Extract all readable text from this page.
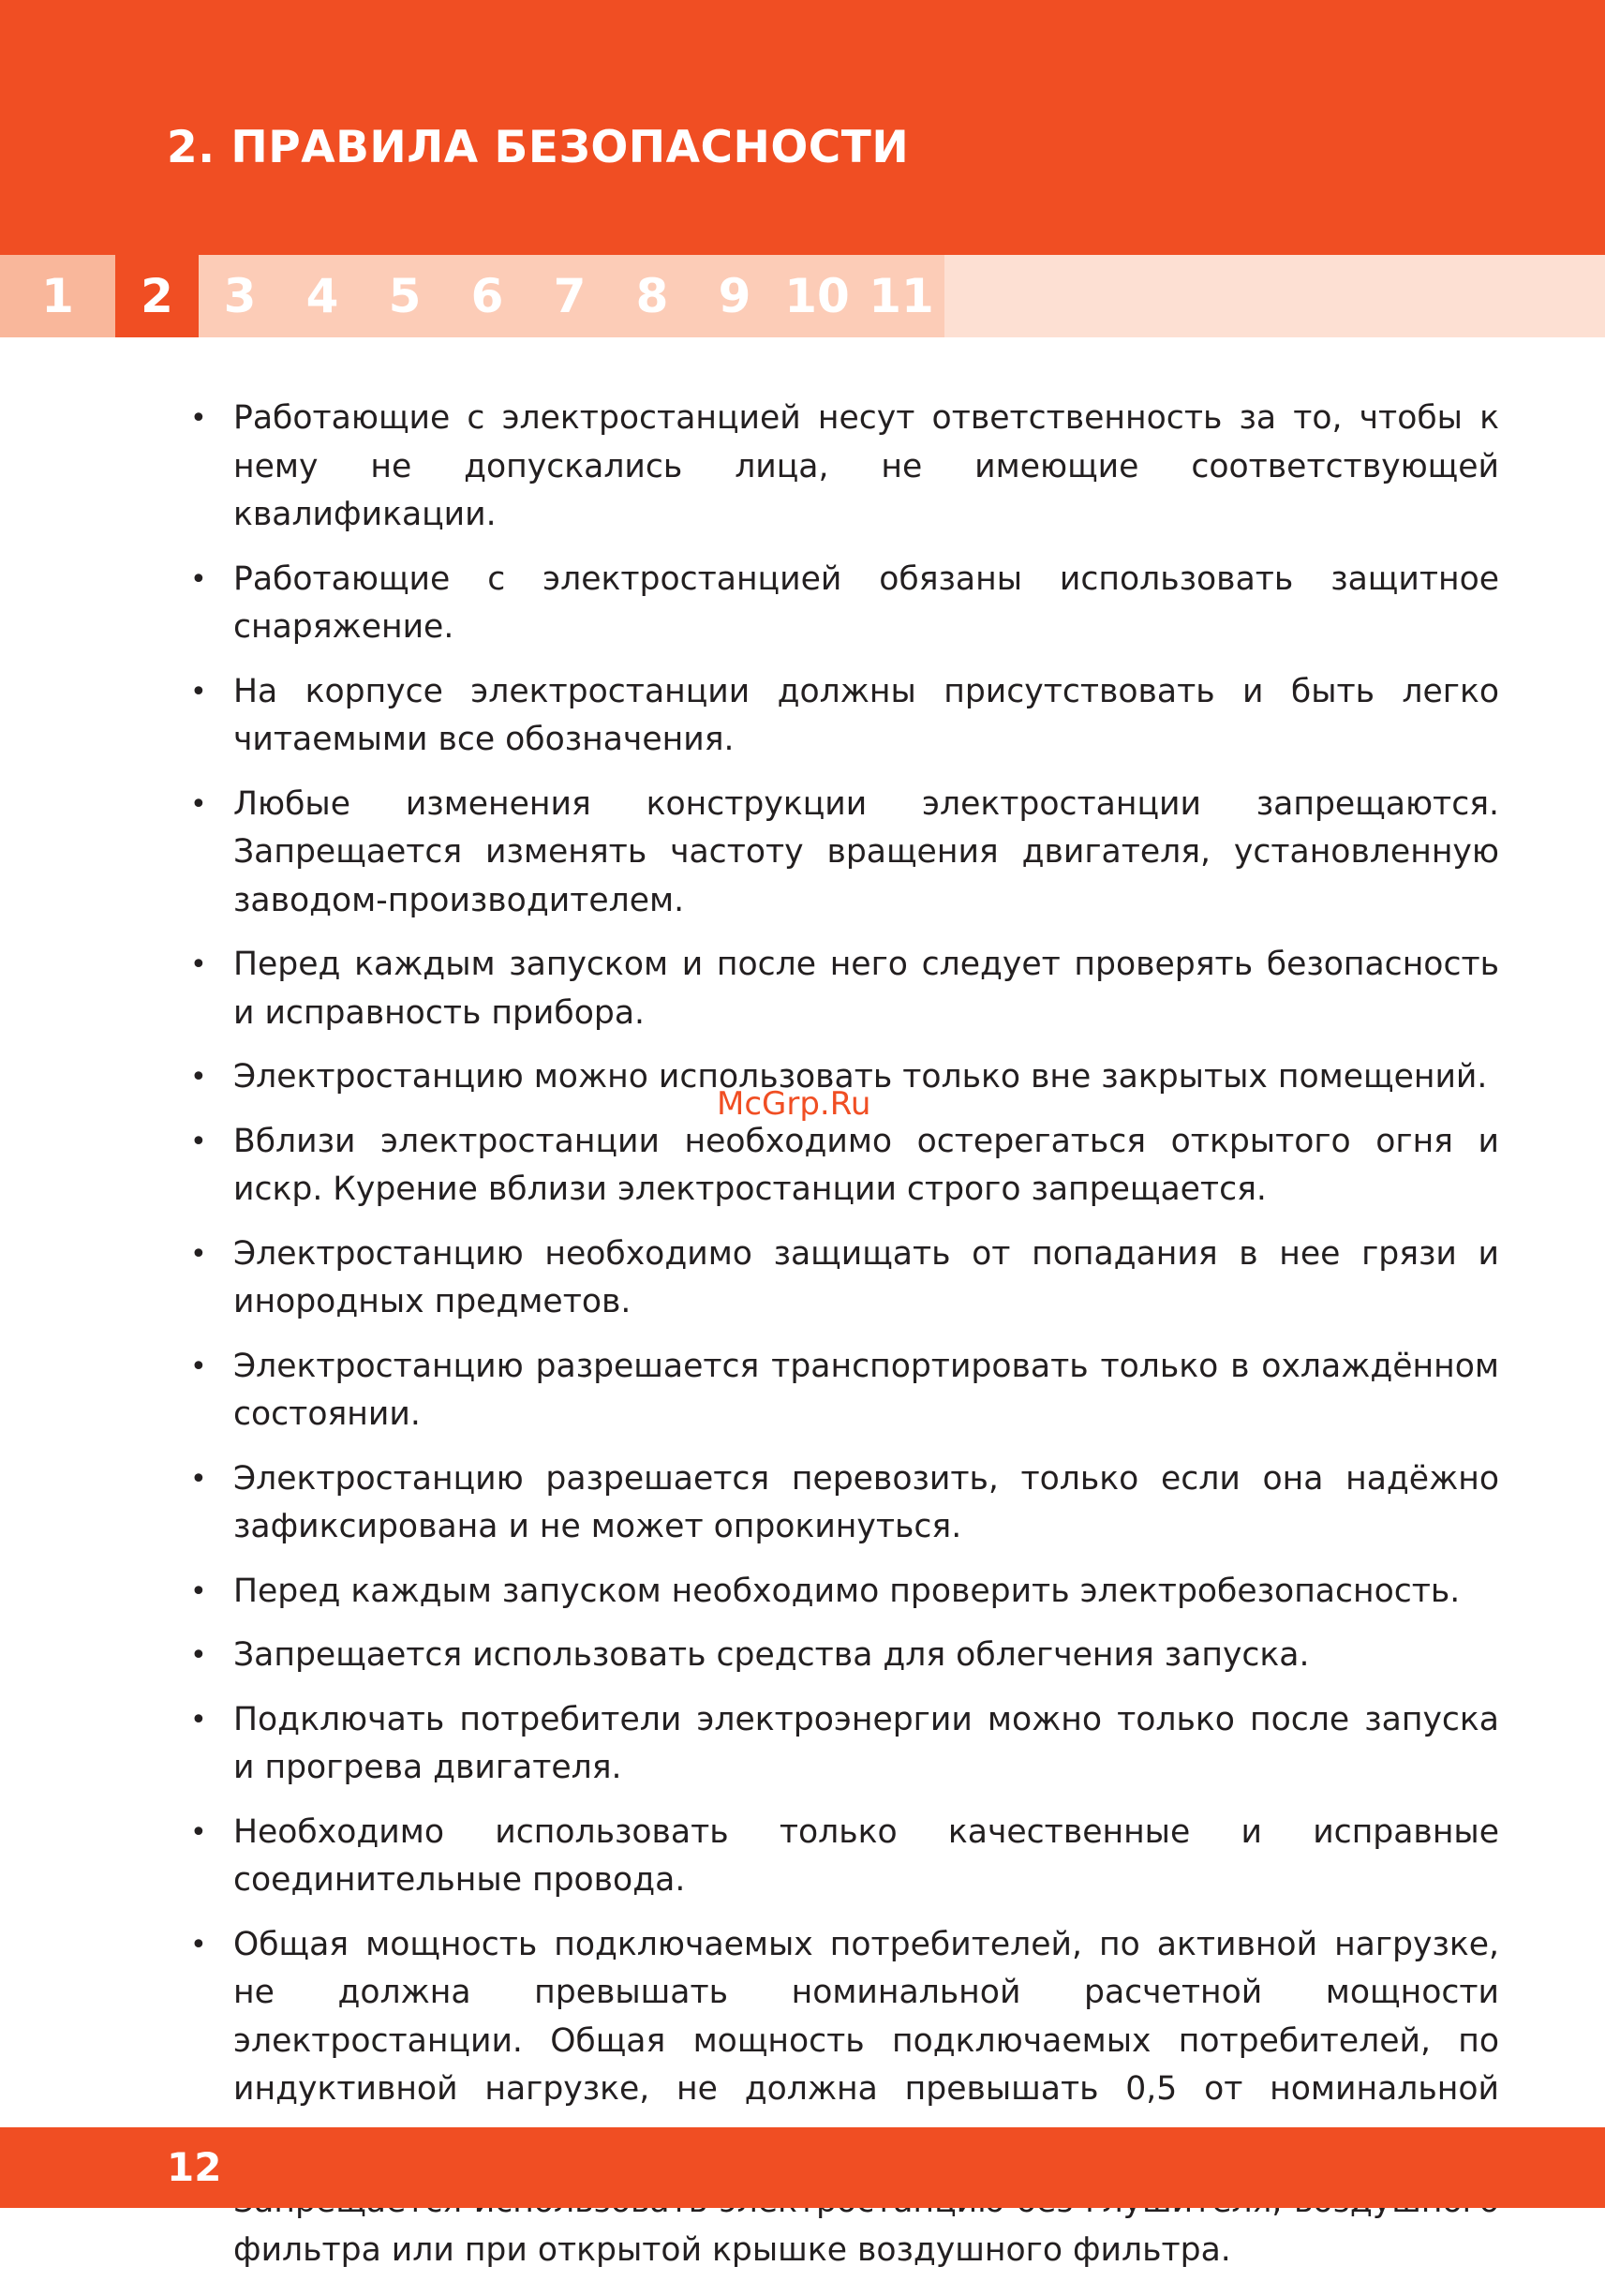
2. ПРАВИЛА БЕЗОПАСНОСТИ
1	2	3	4	5	6	7	8	9 10 11
• Работающие с электростанцией несут ответственность за то, чтобы к нему не допускались лица, не имеющие соответствующей квалификации.
• Работающие с электростанцией обязаны использовать защитное снаряжение.
• На корпусе электростанции должны присутствовать и быть легко читаемыми все обозначения.
• Любые изменения конструкции электростанции запрещаются. Запрещается изменять частоту вращения двигателя, установленную заводом-производителем.
• Перед каждым запуском и после него следует проверять безопасность и исправность прибора.
• Электростанцию можно использовать только вне закрытых помещений.
• Вблизи электростанции необходимо остерегаться открытого огня и искр. Курение вблизи электростанции строго запрещается.
• Электростанцию необходимо защищать от попадания в нее грязи и инородных предметов.
• Электростанцию разрешается транспортировать только в охлаждённом состоянии.
• Электростанцию разрешается перевозить, только если она надёжно зафиксирована и не может опрокинуться.
• Перед каждым запуском необходимо проверить электробезопасность.
• Запрещается использовать средства для облегчения запуска.
• Подключать потребители электроэнергии можно только после запуска и прогрева двигателя.
• Необходимо использовать только качественные и исправные соединительные провода.
• Общая мощность подключаемых потребителей, по активной нагрузке, не должна превышать номинальной расчетной мощности электростанции. Общая мощность подключаемых потребителей, по индуктивной нагрузке, не должна превышать 0,5 от номинальной
фильтра или при открытой крышке воздушного фильтра.
McGrp.Ru
12
